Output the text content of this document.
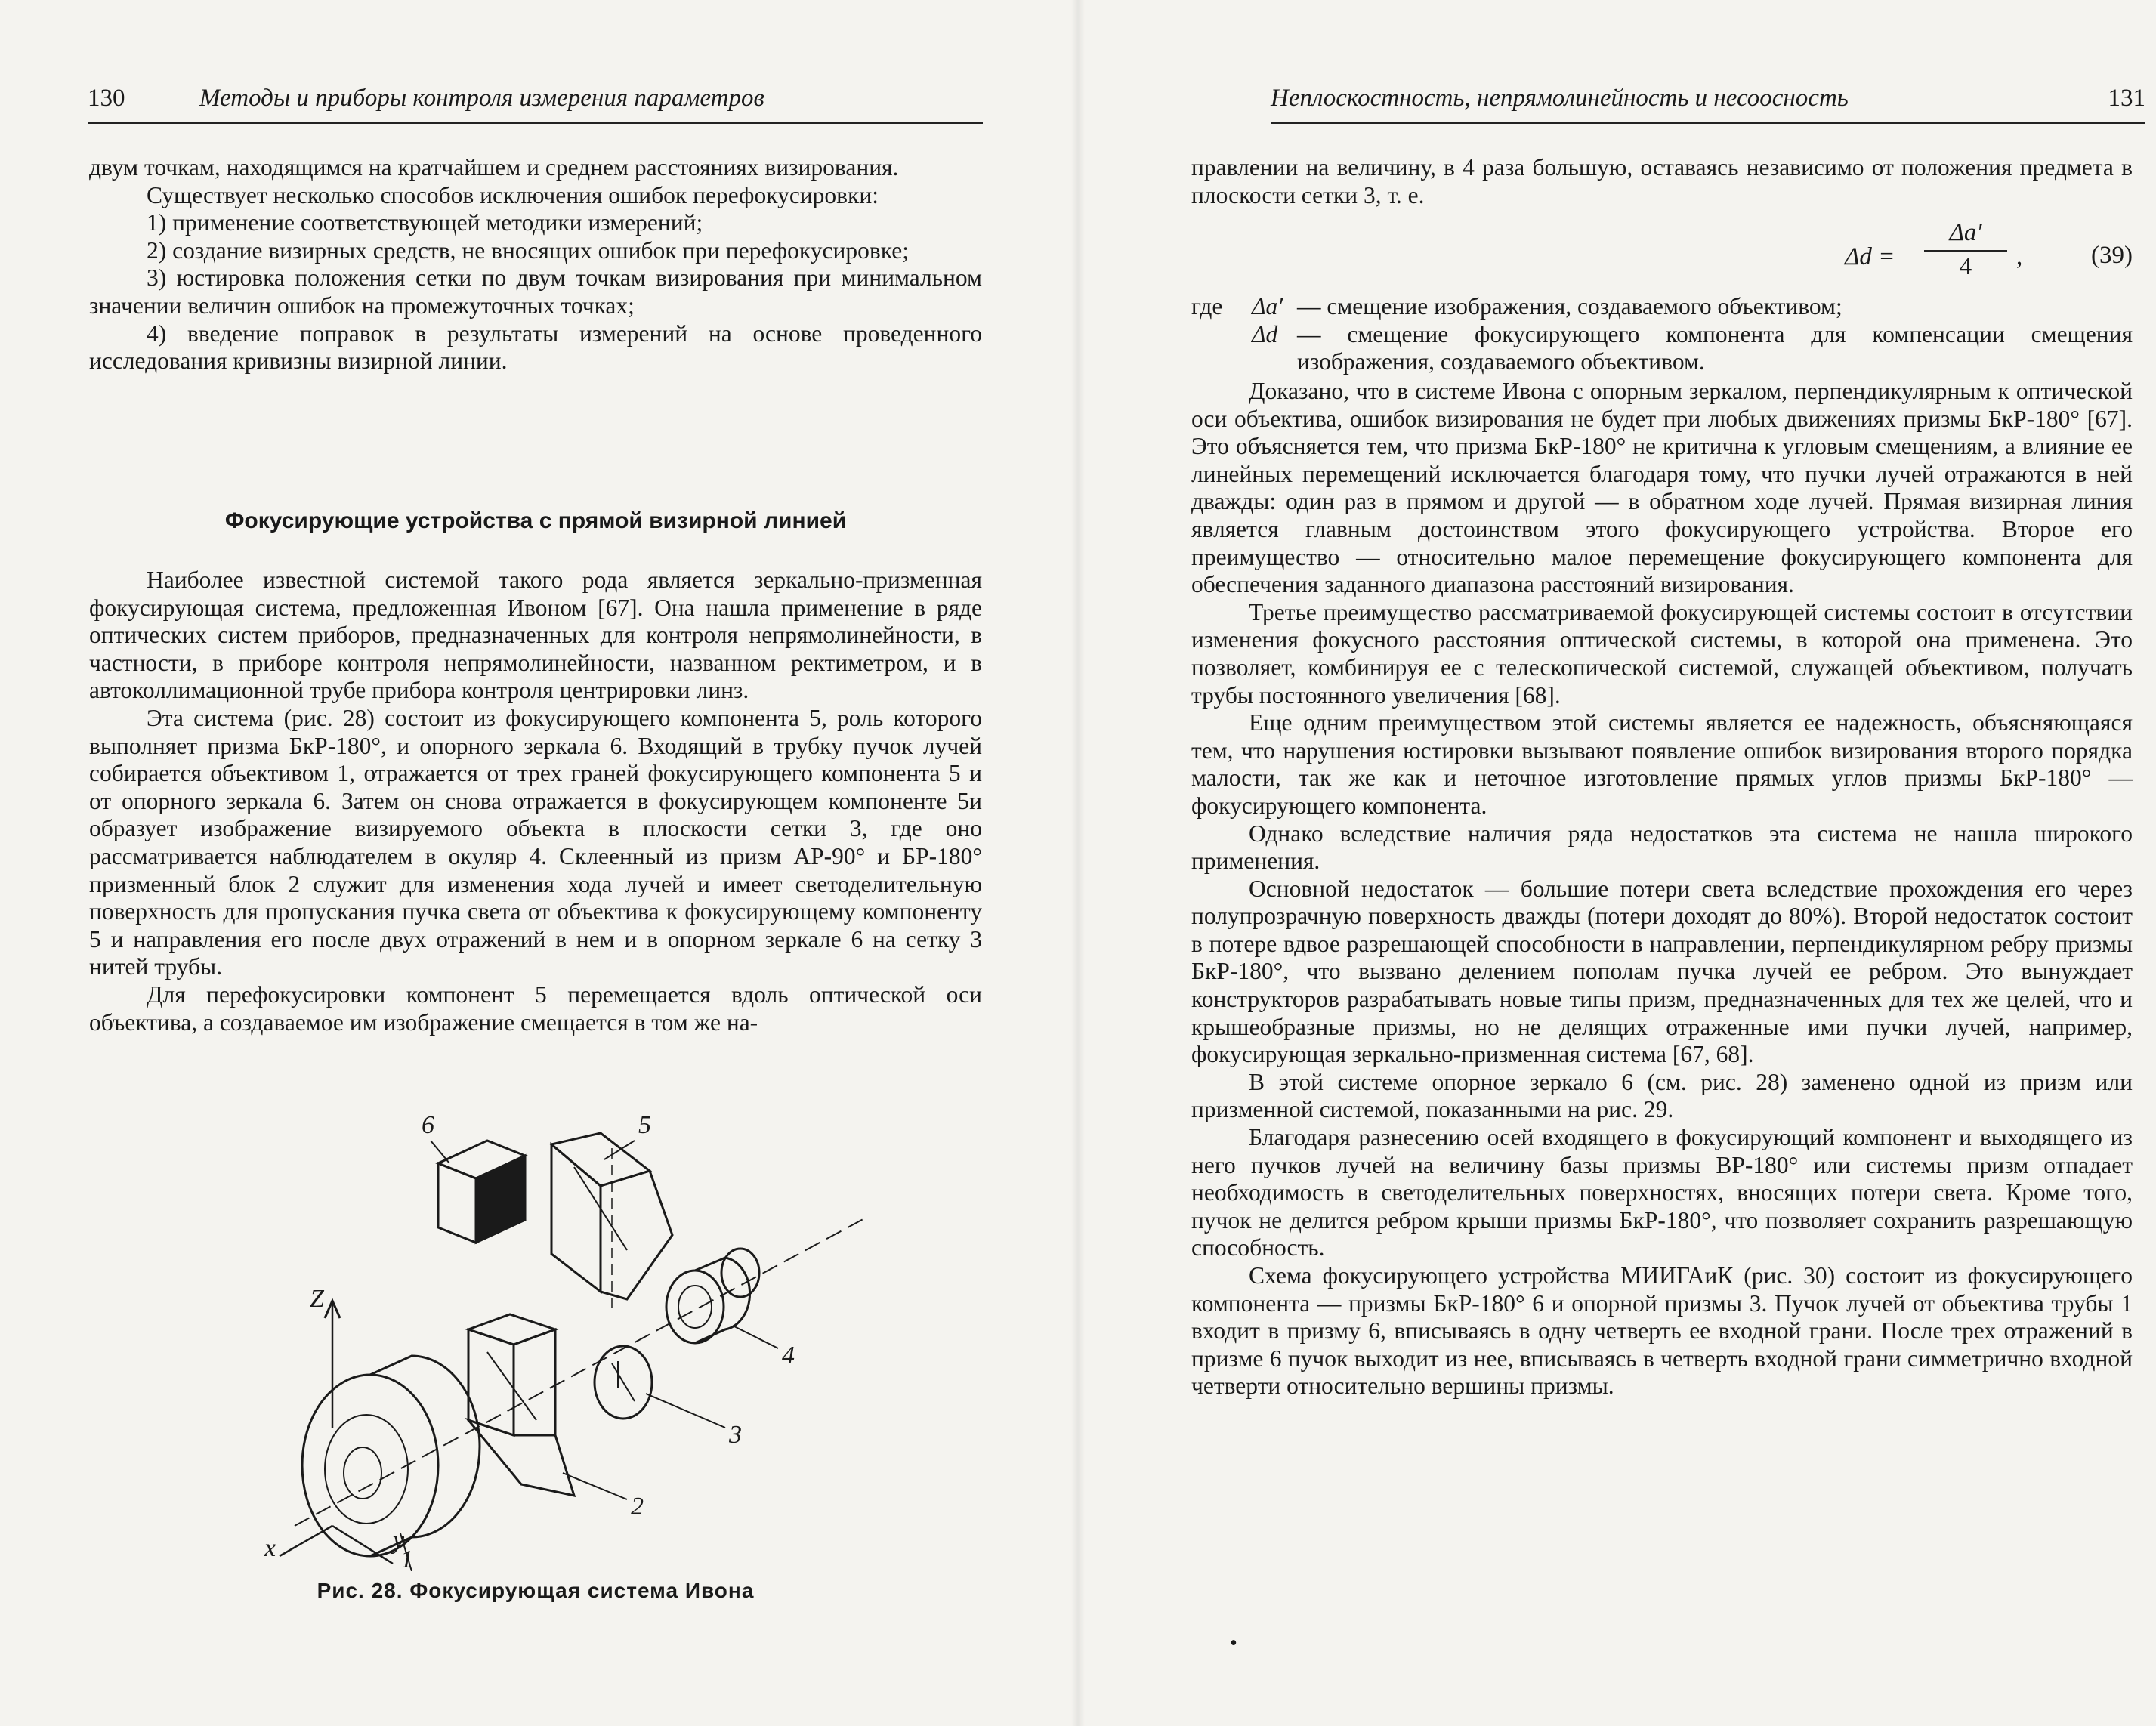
130	Методы и приборы контроля измерения параметров

двум точкам, находящимся на кратчайшем и среднем расстояниях визирования.

Существует несколько способов исключения ошибок перефокусировки:

1) применение соответствующей методики измерений;

2) создание визирных средств, не вносящих ошибок при перефокусировке;

3) юстировка положения сетки по двум точкам визирования при минимальном значении величин ошибок на промежуточных точках;

4) введение поправок в результаты измерений на основе проведенного исследования кривизны визирной линии.

Фокусирующие устройства с прямой визирной линией

Наиболее известной системой такого рода является зеркально-призменная фокусирующая система, предложенная Ивоном [67]. Она нашла применение в ряде оптических систем приборов, предназначенных для контроля непрямолинейности, в частности, в приборе контроля непрямолинейности, названном ректиметром, и в автоколлимационной трубе прибора контроля центрировки линз.

Эта система (рис. 28) состоит из фокусирующего компонента 5, роль которого выполняет призма БкР-180°, и опорного зеркала 6. Входящий в трубку пучок лучей собирается объективом 1, отражается от трех граней фокусирующего компонента 5 и от опорного зеркала 6. Затем он снова отражается в фокусирующем компоненте 5и образует изображение визируемого объекта в плоскости сетки 3, где оно рассматривается наблюдателем в окуляр 4. Склеенный из призм АР-90° и БР-180° призменный блок 2 служит для изменения хода лучей и имеет светоделительную поверхность для пропускания пучка света от объектива к фокусирующему компоненту 5 и направления его после двух отражений в нем и в опорном зеркале 6 на сетку 3 нитей трубы.

Для перефокусировки компонент 5 перемещается вдоль оптической оси объектива, а создаваемое им изображение смещается в том же на-

6	5
Z
4
3
2
y
x	1
Рис. 28. Фокусирующая система Ивона
Неплоскостность, непрямолинейность и несоосность	131

правлении на величину, в 4 раза большую, оставаясь независимо от положения предмета в плоскости сетки 3, т. е.

$\Delta d = \frac{\Delta a'}{4}$ ,	(39)
где	Δa′ — смещение изображения, создаваемого объективом;
Δd — смещение фокусирующего компонента для компенсации смещения изображения, создаваемого объективом.

Доказано, что в системе Ивона с опорным зеркалом, перпендикулярным к оптической оси объектива, ошибок визирования не будет при любых движениях призмы БкР-180° [67]. Это объясняется тем, что призма БкР-180° не критична к угловым смещениям, а влияние ее линейных перемещений исключается благодаря тому, что пучки лучей отражаются в ней дважды: один раз в прямом и другой — в обратном ходе лучей. Прямая визирная линия является главным достоинством этого фокусирующего устройства. Второе его преимущество — относительно малое перемещение фокусирующего компонента для обеспечения заданного диапазона расстояний визирования.

Третье преимущество рассматриваемой фокусирующей системы состоит в отсутствии изменения фокусного расстояния оптической системы, в которой она применена. Это позволяет, комбинируя ее с телескопической системой, служащей объективом, получать трубы постоянного увеличения [68].

Еще одним преимуществом этой системы является ее надежность, объясняющаяся тем, что нарушения юстировки вызывают появление ошибок визирования второго порядка малости, так же как и неточное изготовление прямых углов призмы БкР-180° — фокусирующего компонента.

Однако вследствие наличия ряда недостатков эта система не нашла широкого применения.

Основной недостаток — большие потери света вследствие прохождения его через полупрозрачную поверхность дважды (потери доходят до 80%). Второй недостаток состоит в потере вдвое разрешающей способности в направлении, перпендикулярном ребру призмы БкР-180°, что вызвано делением пополам пучка лучей ее ребром. Это вынуждает конструкторов разрабатывать новые типы призм, предназначенных для тех же целей, что и крышеобразные призмы, но не делящих отраженные ими пучки лучей, например, фокусирующая зеркально-призменная система [67, 68].

В этой системе опорное зеркало 6 (см. рис. 28) заменено одной из призм или призменной системой, показанными на рис. 29.

Благодаря разнесению осей входящего в фокусирующий компонент и выходящего из него пучков лучей на величину базы призмы ВР-180° или системы призм отпадает необходимость в светоделительных поверхностях, вносящих потери света. Кроме того, пучок не делится ребром крыши призмы БкР-180°, что позволяет сохранить разрешающую способность.

Схема фокусирующего устройства МИИГАиК (рис. 30) состоит из фокусирующего компонента — призмы БкР-180° 6 и опорной призмы 3. Пучок лучей от объектива трубы 1 входит в призму 6, вписываясь в одну четверть ее входной грани. После трех отражений в призме 6 пучок выходит из нее, вписываясь в четверть входной грани симметрично входной четверти относительно вершины призмы.

•
